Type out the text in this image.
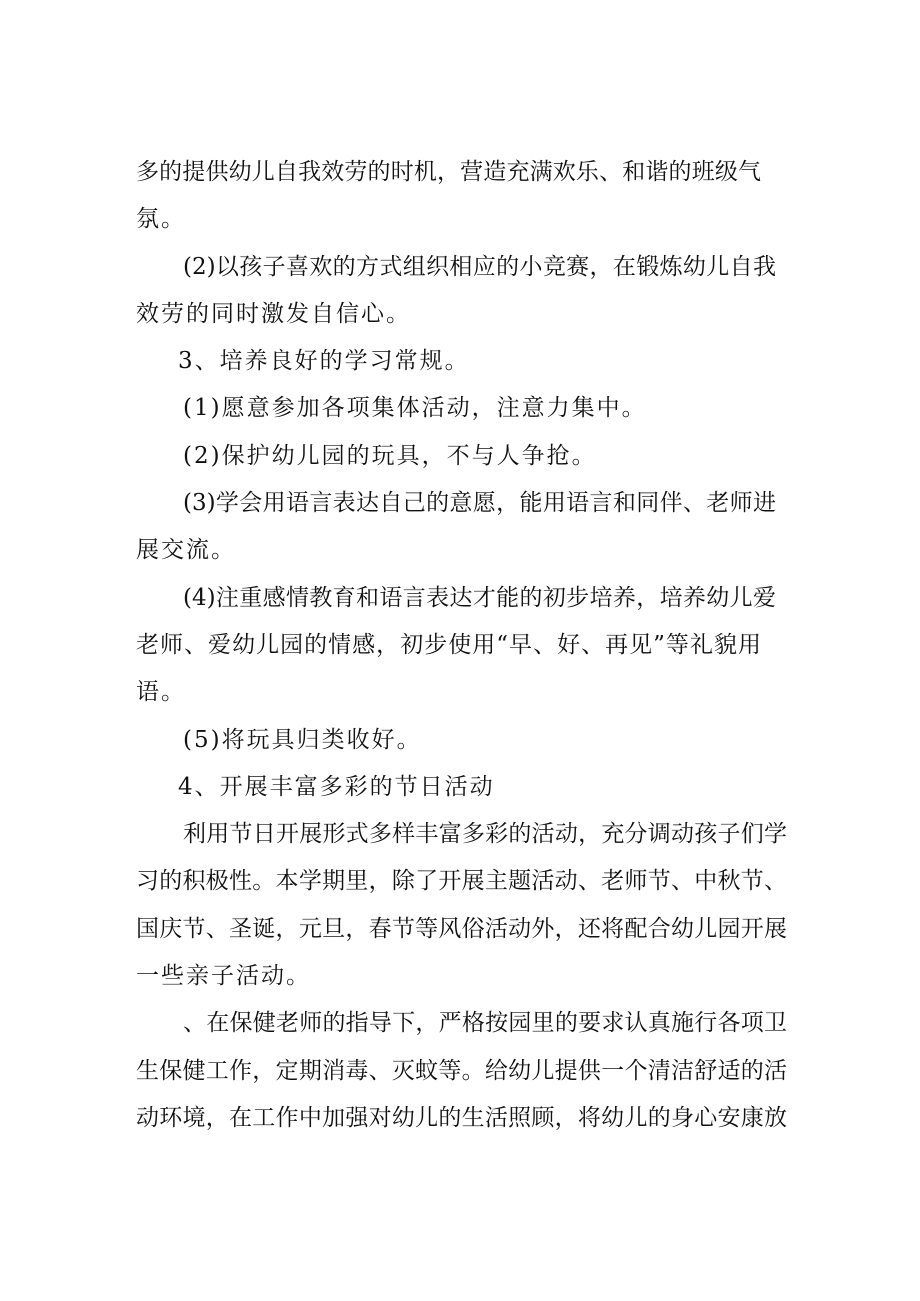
多的提供幼儿自我效劳的时机，营造充满欢乐、和谐的班级气
氛。
(2)以孩子喜欢的方式组织相应的小竞赛，在锻炼幼儿自我
效劳的同时激发自信心。
3、培养良好的学习常规。
(1)愿意参加各项集体活动，注意力集中。
(2)保护幼儿园的玩具，不与人争抢。
(3)学会用语言表达自己的意愿，能用语言和同伴、老师进
展交流。
(4)注重感情教育和语言表达才能的初步培养，培养幼儿爱
老师、爱幼儿园的情感，初步使用“早、好、再见”等礼貌用
语。
(5)将玩具归类收好。
4、开展丰富多彩的节日活动
利用节日开展形式多样丰富多彩的活动，充分调动孩子们学
习的积极性。本学期里，除了开展主题活动、老师节、中秋节、
国庆节、圣诞，元旦，春节等风俗活动外，还将配合幼儿园开展
一些亲子活动。
、在保健老师的指导下，严格按园里的要求认真施行各项卫
生保健工作，定期消毒、灭蚊等。给幼儿提供一个清洁舒适的活
动环境，在工作中加强对幼儿的生活照顾，将幼儿的身心安康放
